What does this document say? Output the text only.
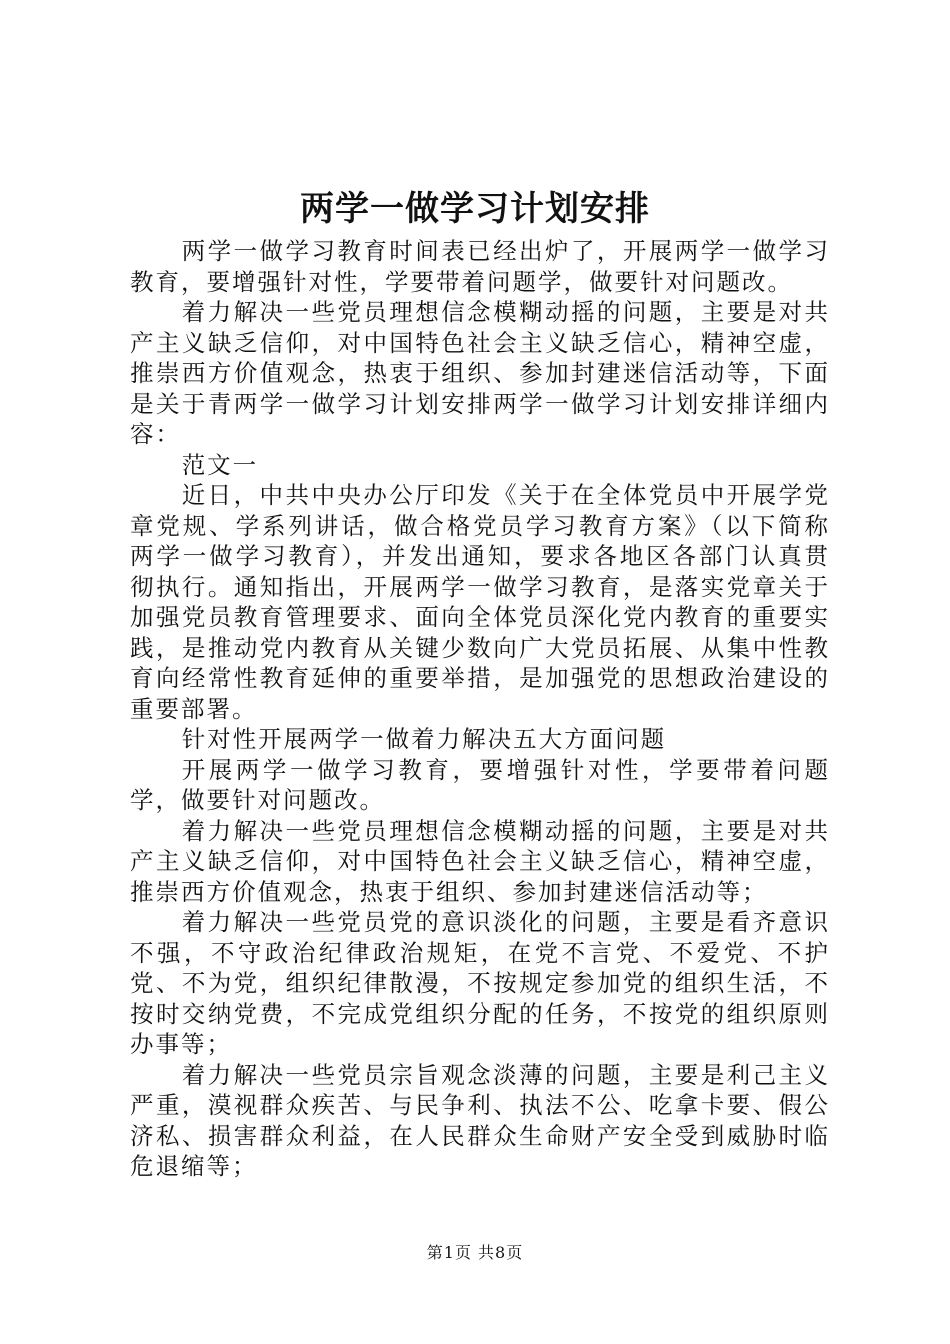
两学一做学习计划安排

两学一做学习教育时间表已经出炉了，开展两学一做学习教育，要增强针对性，学要带着问题学，做要针对问题改。

着力解决一些党员理想信念模糊动摇的问题，主要是对共产主义缺乏信仰，对中国特色社会主义缺乏信心，精神空虚，推崇西方价值观念，热衷于组织、参加封建迷信活动等，下面是关于青两学一做学习计划安排两学一做学习计划安排详细内容：

范文一

近日，中共中央办公厅印发《关于在全体党员中开展学党章党规、学系列讲话，做合格党员学习教育方案》（以下简称两学一做学习教育），并发出通知，要求各地区各部门认真贯彻执行。通知指出，开展两学一做学习教育，是落实党章关于加强党员教育管理要求、面向全体党员深化党内教育的重要实践，是推动党内教育从关键少数向广大党员拓展、从集中性教育向经常性教育延伸的重要举措，是加强党的思想政治建设的重要部署。

针对性开展两学一做着力解决五大方面问题

开展两学一做学习教育，要增强针对性，学要带着问题学，做要针对问题改。

着力解决一些党员理想信念模糊动摇的问题，主要是对共产主义缺乏信仰，对中国特色社会主义缺乏信心，精神空虚，推崇西方价值观念，热衷于组织、参加封建迷信活动等；

着力解决一些党员党的意识淡化的问题，主要是看齐意识不强，不守政治纪律政治规矩，在党不言党、不爱党、不护党、不为党，组织纪律散漫，不按规定参加党的组织生活，不按时交纳党费，不完成党组织分配的任务，不按党的组织原则办事等；

着力解决一些党员宗旨观念淡薄的问题，主要是利己主义严重，漠视群众疾苦、与民争利、执法不公、吃拿卡要、假公济私、损害群众利益，在人民群众生命财产安全受到威胁时临危退缩等；

第1页 共8页
